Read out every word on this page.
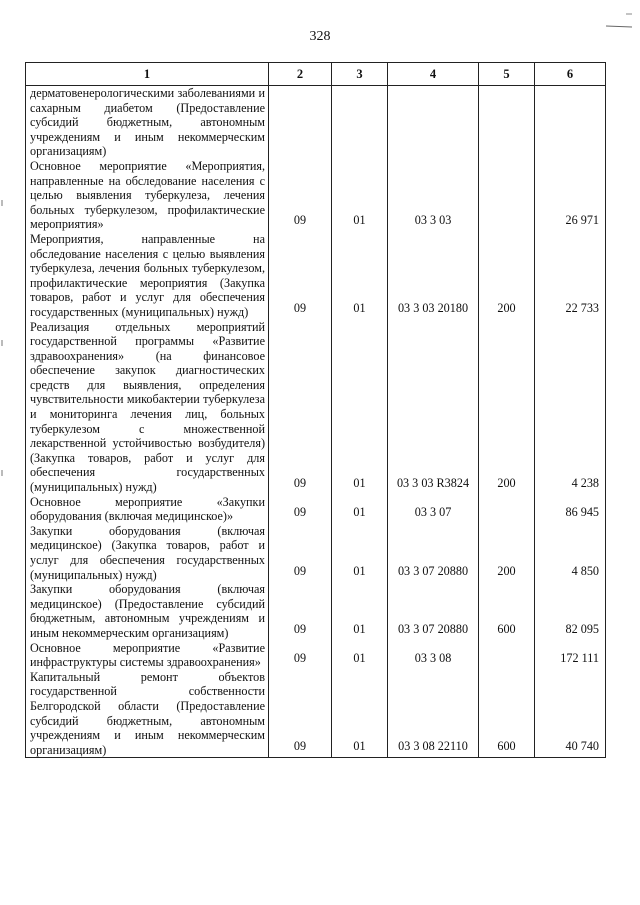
328
1	2	3	4	5	6
дерматовенерологическими заболеваниями и сахарным диабетом (Предоставление субсидий бюджетным, автономным учреждениям и иным некоммерческим организациям)					
Основное мероприятие «Мероприятия, направленные на обследование населения с целью выявления туберкулеза, лечения больных туберкулезом, профилактические мероприятия»	09	01	03 3 03		26 971
Мероприятия, направленные на обследование населения с целью выявления туберкулеза, лечения больных туберкулезом, профилактические мероприятия (Закупка товаров, работ и услуг для обеспечения государственных (муниципальных) нужд)	09	01	03 3 03 20180	200	22 733
Реализация отдельных мероприятий государственной программы «Развитие здравоохранения» (на финансовое обеспечение закупок диагностических средств для выявления, определения чувствительности микобактерии туберкулеза и мониторинга лечения лиц, больных туберкулезом с множественной лекарственной устойчивостью возбудителя) (Закупка товаров, работ и услуг для обеспечения государственных (муниципальных) нужд)	09	01	03 3 03 R3824	200	4 238
Основное мероприятие «Закупки оборудования (включая медицинское)»	09	01	03 3 07		86 945
Закупки оборудования (включая медицинское) (Закупка товаров, работ и услуг для обеспечения государственных (муниципальных) нужд)	09	01	03 3 07 20880	200	4 850
Закупки оборудования (включая медицинское) (Предоставление субсидий бюджетным, автономным учреждениям и иным некоммерческим организациям)	09	01	03 3 07 20880	600	82 095
Основное мероприятие «Развитие инфраструктуры системы здравоохранения»	09	01	03 3 08		172 111
Капитальный ремонт объектов государственной собственности Белгородской области (Предоставление субсидий бюджетным, автономным учреждениям и иным некоммерческим организациям)	09	01	03 3 08 22110	600	40 740
